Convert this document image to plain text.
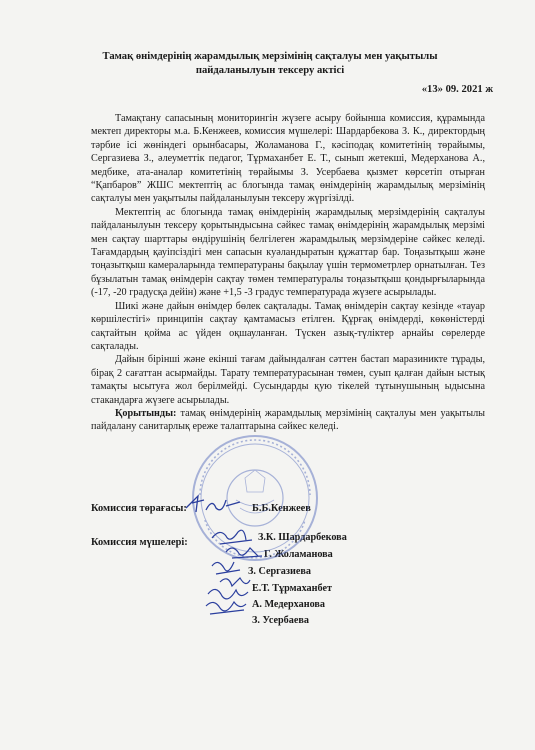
Тамақ өнімдерінің жарамдылық мерзімінің сақталуы мен уақытылы
пайдаланылуын тексеру актісі
«13» 09. 2021 ж

Тамақтану сапасының мониторингін жүзеге асыру бойынша комиссия, құрамында мектеп директоры м.а. Б.Кенжеев, комиссия мүшелері: Шардарбекова З. К., директордың тәрбие ісі жөніндегі орынбасары, Жоламанова Г., кәсіподақ комитетінің төрайымы, Сергазиева З., әлеуметтік педагог, Тұрмаханбет Е. Т., сынып жетекші, Медерханова А., медбике, ата-аналар комитетінің төрайымы З. Усербаева қызмет көрсетіп отырған “Қапбаров” ЖШС мектептің ас блогында тамақ өнімдерінің жарамдылық мерзімінің сақталуы мен уақытылы пайдаланылуын тексеру жүргізілді.

Мектептің ас блогында тамақ өнімдерінің жарамдылық мерзімдерінің сақталуы пайдаланылуын тексеру қорытындысына сәйкес тамақ өнімдерінің жарамдылық мерзімі мен сақтау шарттары өндірушінің белгілеген жарамдылық мерзімдеріне сәйкес келеді. Тағамдардың қауіпсіздігі мен сапасын куәландыратын құжаттар бар. Тоңазытқыш және тоңазытқыш камераларында температураны бақылау үшін термометрлер орнатылған. Тез бұзылатын тамақ өнімдерін сақтау төмен температуралы тоңазытқыш қондырғыларында (-17, -20 градусқа дейін) және +1,5 -3 градус температурада жүзеге асырылады.

Шикі және дайын өнімдер бөлек сақталады. Тамақ өнімдерін сақтау кезінде «тауар көршілестігі» принципін сақтау қамтамасыз етілген. Құрғақ өнімдерді, көкөністерді сақтайтын қойма ас үйден оқшауланған. Түскен азық-түліктер арнайы сөрелерде сақталады.

Дайын бірінші және екінші тағам дайындалған сәттен бастап маразиникте тұрады, бірақ 2 сағаттан асырмайды. Тарату температурасынан төмен, суып қалған дайын ыстық тамақты ысытуға жол берілмейді. Сусындарды қую тікелей тұтынушының ыдысына стакандарға жүзеге асырылады.

Қорытынды: тамақ өнімдерінің жарамдылық мерзімінің сақталуы мен уақытылы пайдалану санитарлық ереже талаптарына сәйкес келеді.

Комиссия төрағасы:	Б.Б.Кенжеев
Комиссия мүшелері:	З.К. Шардарбекова
Г. Жоламанова
З. Сергазиева
Е.Т. Тұрмаханбет
А. Медерханова
З. Усербаева
